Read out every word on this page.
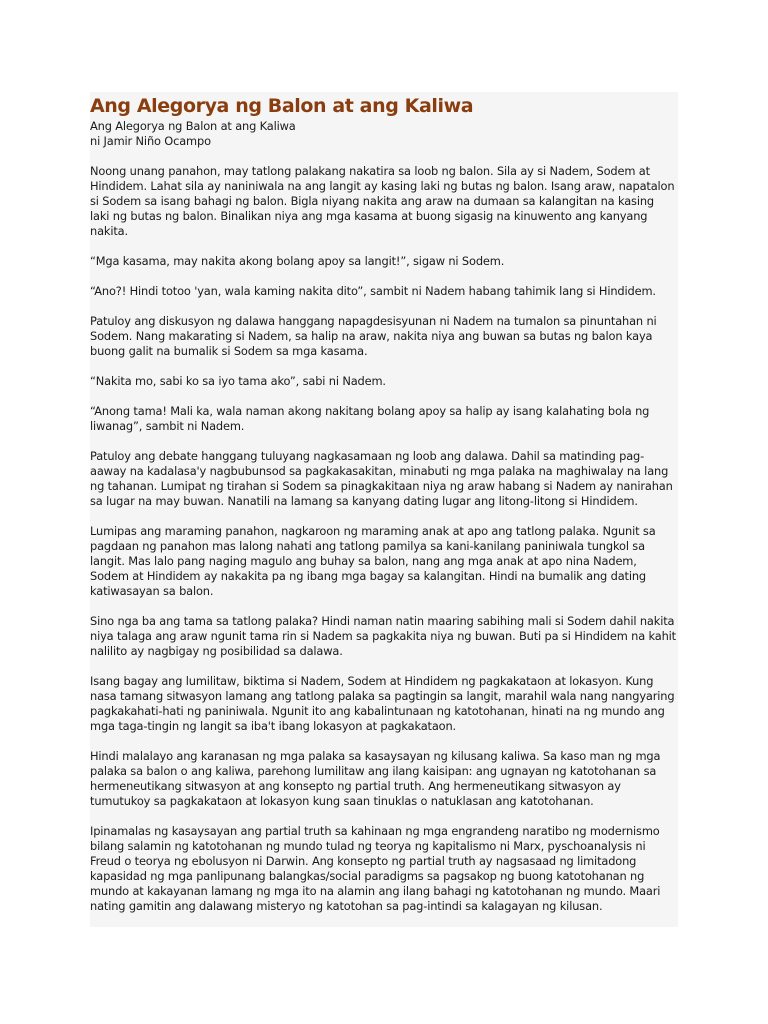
Ang Alegorya ng Balon at ang Kaliwa
Ang Alegorya ng Balon at ang Kaliwa
ni Jamir Niño Ocampo
Noong unang panahon, may tatlong palakang nakatira sa loob ng balon. Sila ay si Nadem, Sodem at Hindidem. Lahat sila ay naniniwala na ang langit ay kasing laki ng butas ng balon. Isang araw, napatalon si Sodem sa isang bahagi ng balon. Bigla niyang nakita ang araw na dumaan sa kalangitan na kasing laki ng butas ng balon. Binalikan niya ang mga kasama at buong sigasig na kinuwento ang kanyang nakita.
“Mga kasama, may nakita akong bolang apoy sa langit!”, sigaw ni Sodem.
“Ano?! Hindi totoo 'yan, wala kaming nakita dito”, sambit ni Nadem habang tahimik lang si Hindidem.
Patuloy ang diskusyon ng dalawa hanggang napagdesisyunan ni Nadem na tumalon sa pinuntahan ni Sodem. Nang makarating si Nadem, sa halip na araw, nakita niya ang buwan sa butas ng balon kaya buong galit na bumalik si Sodem sa mga kasama.
“Nakita mo, sabi ko sa iyo tama ako”, sabi ni Nadem.
“Anong tama! Mali ka, wala naman akong nakitang bolang apoy sa halip ay isang kalahating bola ng liwanag”, sambit ni Nadem.
Patuloy ang debate hanggang tuluyang nagkasamaan ng loob ang dalawa. Dahil sa matinding pag-aaway na kadalasa'y nagbubunsod sa pagkakasakitan, minabuti ng mga palaka na maghiwalay na lang ng tahanan. Lumipat ng tirahan si Sodem sa pinagkakitaan niya ng araw habang si Nadem ay nanirahan sa lugar na may buwan. Nanatili na lamang sa kanyang dating lugar ang litong-litong si Hindidem.
Lumipas ang maraming panahon, nagkaroon ng maraming anak at apo ang tatlong palaka. Ngunit sa pagdaan ng panahon mas lalong nahati ang tatlong pamilya sa kani-kanilang paniniwala tungkol sa langit. Mas lalo pang naging magulo ang buhay sa balon, nang ang mga anak at apo nina Nadem, Sodem at Hindidem ay nakakita pa ng ibang mga bagay sa kalangitan. Hindi na bumalik ang dating katiwasayan sa balon.
Sino nga ba ang tama sa tatlong palaka? Hindi naman natin maaring sabihing mali si Sodem dahil nakita niya talaga ang araw ngunit tama rin si Nadem sa pagkakita niya ng buwan. Buti pa si Hindidem na kahit nalilito ay nagbigay ng posibilidad sa dalawa.
Isang bagay ang lumilitaw, biktima si Nadem, Sodem at Hindidem ng pagkakataon at lokasyon. Kung nasa tamang sitwasyon lamang ang tatlong palaka sa pagtingin sa langit, marahil wala nang nangyaring pagkakahati-hati ng paniniwala. Ngunit ito ang kabalintunaan ng katotohanan, hinati na ng mundo ang mga taga-tingin ng langit sa iba't ibang lokasyon at pagkakataon.
Hindi malalayo ang karanasan ng mga palaka sa kasaysayan ng kilusang kaliwa. Sa kaso man ng mga palaka sa balon o ang kaliwa, parehong lumilitaw ang ilang kaisipan: ang ugnayan ng katotohanan sa hermeneutikang sitwasyon at ang konsepto ng partial truth. Ang hermeneutikang sitwasyon ay tumutukoy sa pagkakataon at lokasyon kung saan tinuklas o natuklasan ang katotohanan.
Ipinamalas ng kasaysayan ang partial truth sa kahinaan ng mga engrandeng naratibo ng modernismo bilang salamin ng katotohanan ng mundo tulad ng teorya ng kapitalismo ni Marx, pyschoanalysis ni Freud o teorya ng ebolusyon ni Darwin. Ang konsepto ng partial truth ay nagsasaad ng limitadong kapasidad ng mga panlipunang balangkas/social paradigms sa pagsakop ng buong katotohanan ng mundo at kakayanan lamang ng mga ito na alamin ang ilang bahagi ng katotohanan ng mundo. Maari nating gamitin ang dalawang misteryo ng katotohan sa pag-intindi sa kalagayan ng kilusan.
